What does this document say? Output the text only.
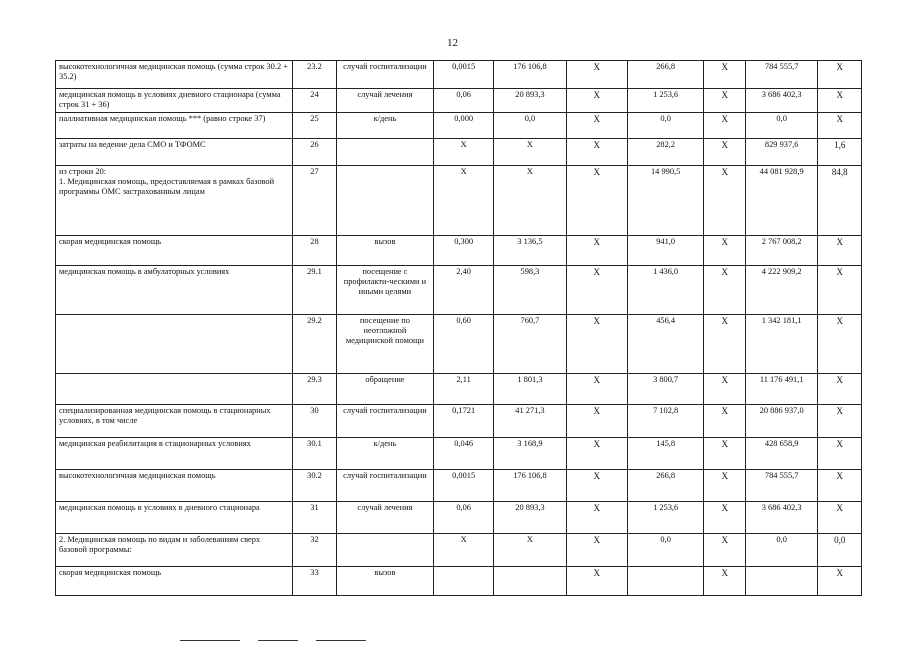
12
высокотехнологичная медицинская помощь (сумма строк 30.2 + 35.2)	23.2	случай госпитализации	0,0015	176 106,8	Х	266,8	Х	784 555,7	Х
медицинская помощь в условиях дневного стационара (сумма строк 31 + 36)	24	случай лечения	0,06	20 893,3	Х	1 253,6	Х	3 686 402,3	Х
паллиативная медицинская помощь *** (равно строке 37)	25	к/день	0,000	0,0	Х	0,0	Х	0,0	Х
затраты на ведение дела СМО и ТФОМС	26		Х	Х	Х	282,2	Х	829 937,6	1,6
из строки 20:
1. Медицинская помощь, предоставляемая в рамках базовой программы ОМС застрахованным лицам	27		Х	Х	Х	14 990,5	Х	44 081 928,9	84,8
скорая медицинская помощь	28	вызов	0,300	3 136,5	Х	941,0	Х	2 767 008,2	Х
медицинская помощь в амбулаторных условиях	29.1	посещение с профилакти-ческими и иными целями	2,40	598,3	Х	1 436,0	Х	4 222 909,2	Х
	29.2	посещение по неотложной медицинской помощи	0,60	760,7	Х	456,4	Х	1 342 181,1	Х
	29.3	обращение	2,11	1 801,3	Х	3 800,7	Х	11 176 491,1	Х
специализированная медицинская помощь в стационарных условиях, в том числе	30	случай госпитализации	0,1721	41 271,3	Х	7 102,8	Х	20 886 937,0	Х
медицинская реабилитация в стационарных условиях	30.1	к/день	0,046	3 168,9	Х	145,8	Х	428 658,9	Х
высокотехнологичная медицинская помощь	30.2	случай госпитализации	0,0015	176 106,8	Х	266,8	Х	784 555,7	Х
медицинская помощь в условиях в дневного стационара	31	случай лечения	0,06	20 893,3	Х	1 253,6	Х	3 686 402,3	Х
2. Медицинская помощь по видам и заболеваниям сверх базовой программы:	32		Х	Х	Х	0,0	Х	0,0	0,0
скорая медицинская помощь	33	вызов			Х		Х		Х
